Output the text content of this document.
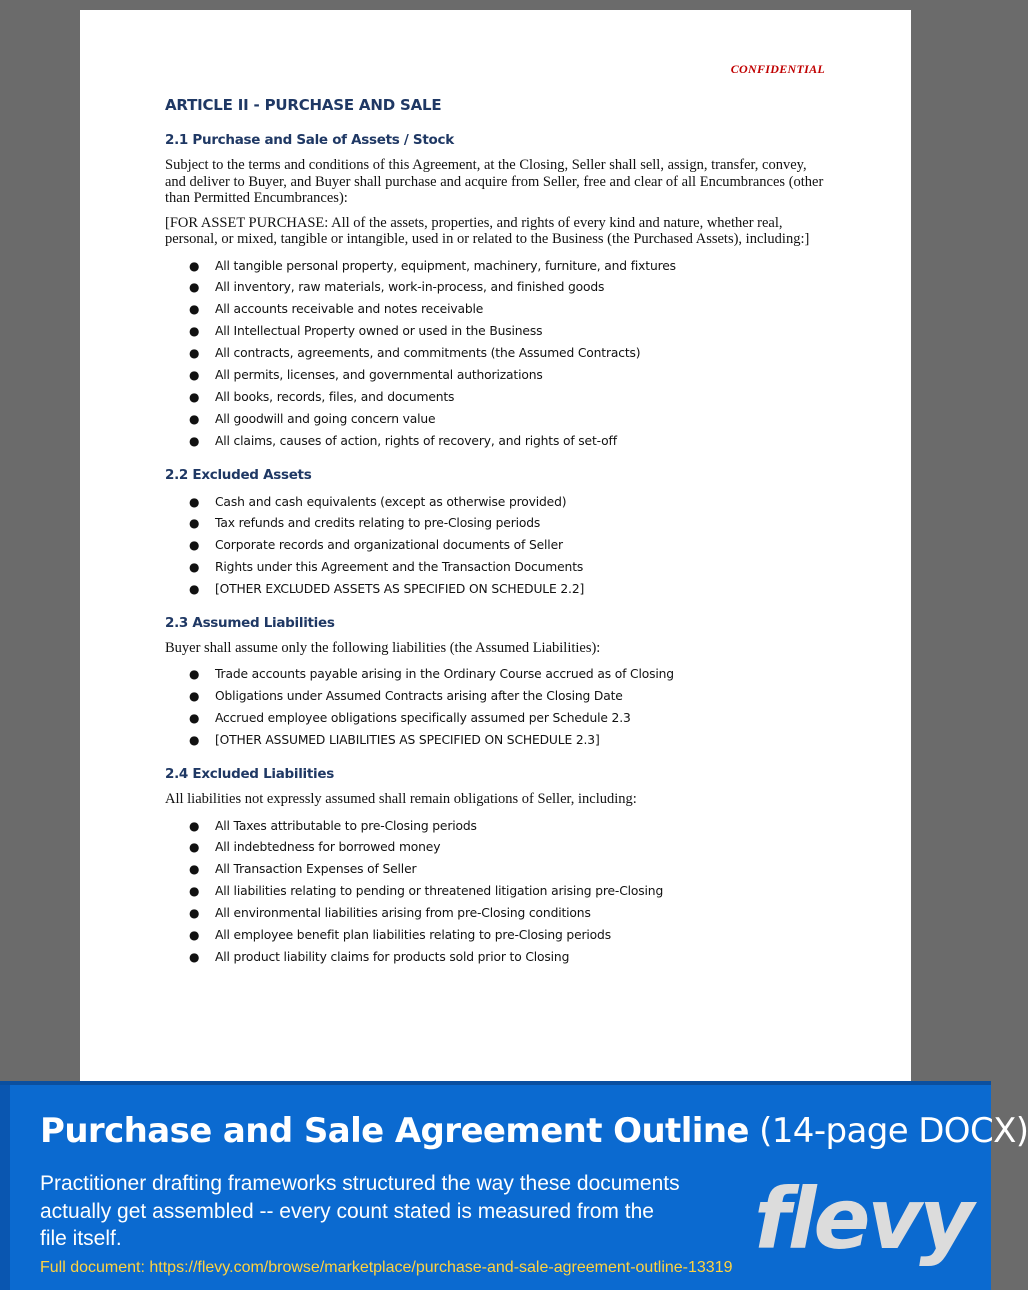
CONFIDENTIAL
ARTICLE II - PURCHASE AND SALE
2.1 Purchase and Sale of Assets / Stock
Subject to the terms and conditions of this Agreement, at the Closing, Seller shall sell, assign, transfer, convey, and deliver to Buyer, and Buyer shall purchase and acquire from Seller, free and clear of all Encumbrances (other than Permitted Encumbrances):
[FOR ASSET PURCHASE: All of the assets, properties, and rights of every kind and nature, whether real, personal, or mixed, tangible or intangible, used in or related to the Business (the Purchased Assets), including:]
● All tangible personal property, equipment, machinery, furniture, and fixtures
● All inventory, raw materials, work-in-process, and finished goods
● All accounts receivable and notes receivable
● All Intellectual Property owned or used in the Business
● All contracts, agreements, and commitments (the Assumed Contracts)
● All permits, licenses, and governmental authorizations
● All books, records, files, and documents
● All goodwill and going concern value
● All claims, causes of action, rights of recovery, and rights of set-off
2.2 Excluded Assets
● Cash and cash equivalents (except as otherwise provided)
● Tax refunds and credits relating to pre-Closing periods
● Corporate records and organizational documents of Seller
● Rights under this Agreement and the Transaction Documents
● [OTHER EXCLUDED ASSETS AS SPECIFIED ON SCHEDULE 2.2]
2.3 Assumed Liabilities
Buyer shall assume only the following liabilities (the Assumed Liabilities):
● Trade accounts payable arising in the Ordinary Course accrued as of Closing
● Obligations under Assumed Contracts arising after the Closing Date
● Accrued employee obligations specifically assumed per Schedule 2.3
● [OTHER ASSUMED LIABILITIES AS SPECIFIED ON SCHEDULE 2.3]
2.4 Excluded Liabilities
All liabilities not expressly assumed shall remain obligations of Seller, including:
● All Taxes attributable to pre-Closing periods
● All indebtedness for borrowed money
● All Transaction Expenses of Seller
● All liabilities relating to pending or threatened litigation arising pre-Closing
● All environmental liabilities arising from pre-Closing conditions
● All employee benefit plan liabilities relating to pre-Closing periods
● All product liability claims for products sold prior to Closing
Purchase and Sale Agreement Outline (14-page DOCX)
Practitioner drafting frameworks structured the way these documents actually get assembled -- every count stated is measured from the file itself.
Full document: https://flevy.com/browse/marketplace/purchase-and-sale-agreement-outline-13319 flevy
